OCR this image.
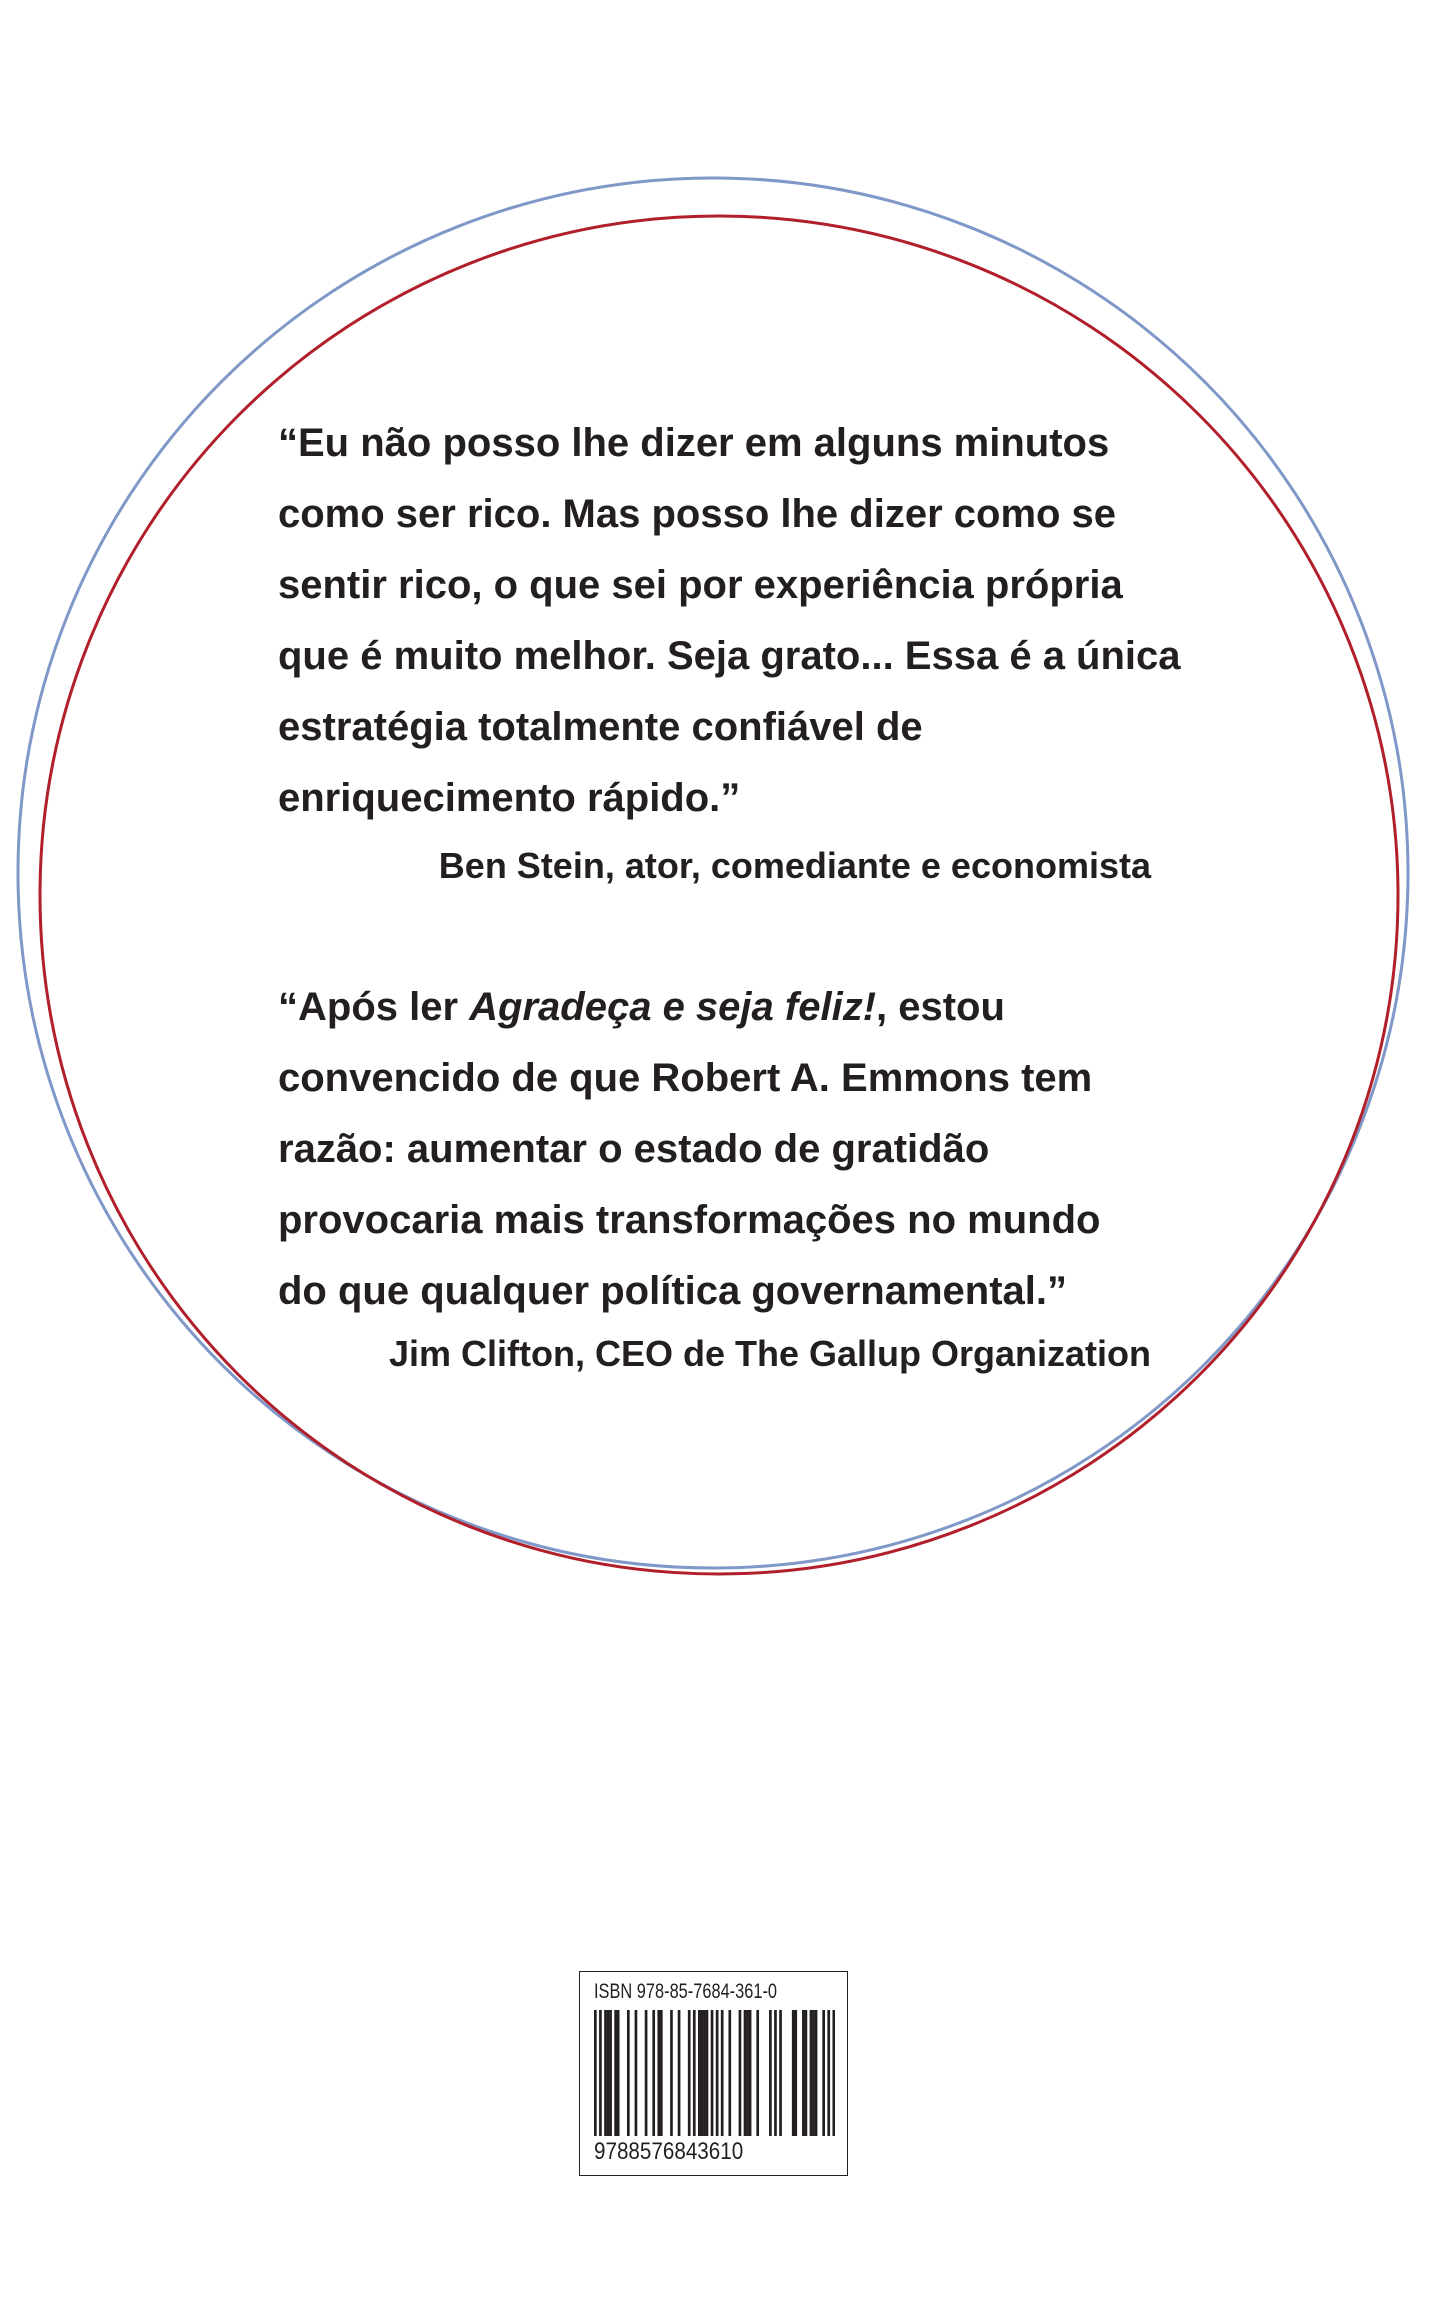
“Eu não posso lhe dizer em alguns minutos
como ser rico. Mas posso lhe dizer como se
sentir rico, o que sei por experiência própria
que é muito melhor. Seja grato... Essa é a única
estratégia totalmente confiável de
enriquecimento rápido.”
Ben Stein, ator, comediante e economista
“Após ler Agradeça e seja feliz!, estou
convencido de que Robert A. Emmons tem
razão: aumentar o estado de gratidão
provocaria mais transformações no mundo
do que qualquer política governamental.”
Jim Clifton, CEO de The Gallup Organization
ISBN 978-85-7684-361-0
9788576843610
